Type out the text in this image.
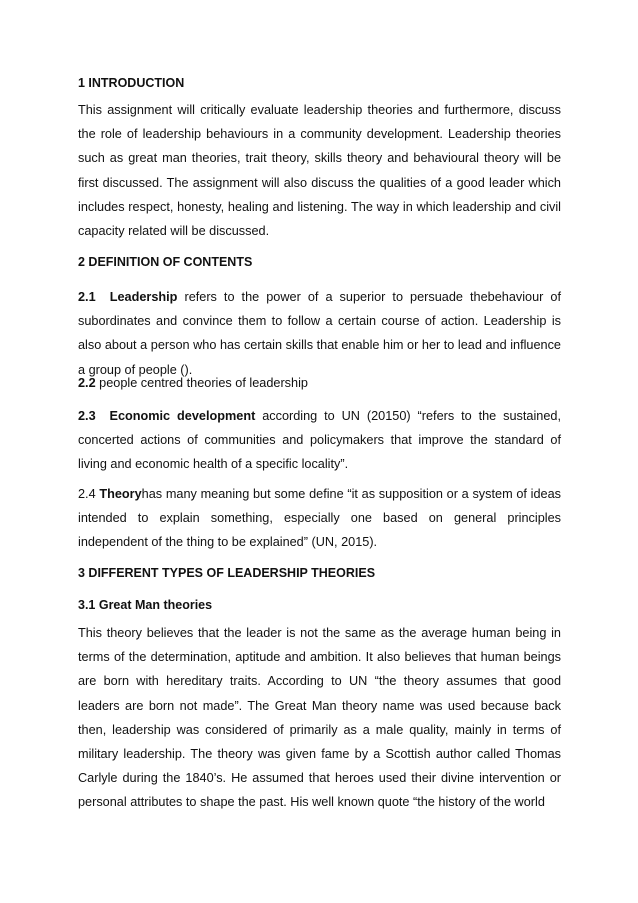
1 INTRODUCTION

This assignment will critically evaluate leadership theories and furthermore, discuss the role of leadership behaviours in a community development. Leadership theories such as great man theories, trait theory, skills theory and behavioural theory will be first discussed. The assignment will also discuss the qualities of a good leader which includes respect, honesty, healing and listening. The way in which leadership and civil capacity related will be discussed.

2 DEFINITION OF CONTENTS

2.1 Leadership refers to the power of a superior to persuade thebehaviour of subordinates and convince them to follow a certain course of action. Leadership is also about a person who has certain skills that enable him or her to lead and influence a group of people ().

2.2 people centred theories of leadership

2.3 Economic development according to UN (20150) “refers to the sustained, concerted actions of communities and policymakers that improve the standard of living and economic health of a specific locality”.

2.4 Theoryhas many meaning but some define “it as supposition or a system of ideas intended to explain something, especially one based on general principles independent of the thing to be explained” (UN, 2015).

3 DIFFERENT TYPES OF LEADERSHIP THEORIES
3.1 Great Man theories

This theory believes that the leader is not the same as the average human being in terms of the determination, aptitude and ambition. It also believes that human beings are born with hereditary traits. According to UN “the theory assumes that good leaders are born not made”. The Great Man theory name was used because back then, leadership was considered of primarily as a male quality, mainly in terms of military leadership. The theory was given fame by a Scottish author called Thomas Carlyle during the 1840’s. He assumed that heroes used their divine intervention or personal attributes to shape the past. His well known quote “the history of the world
